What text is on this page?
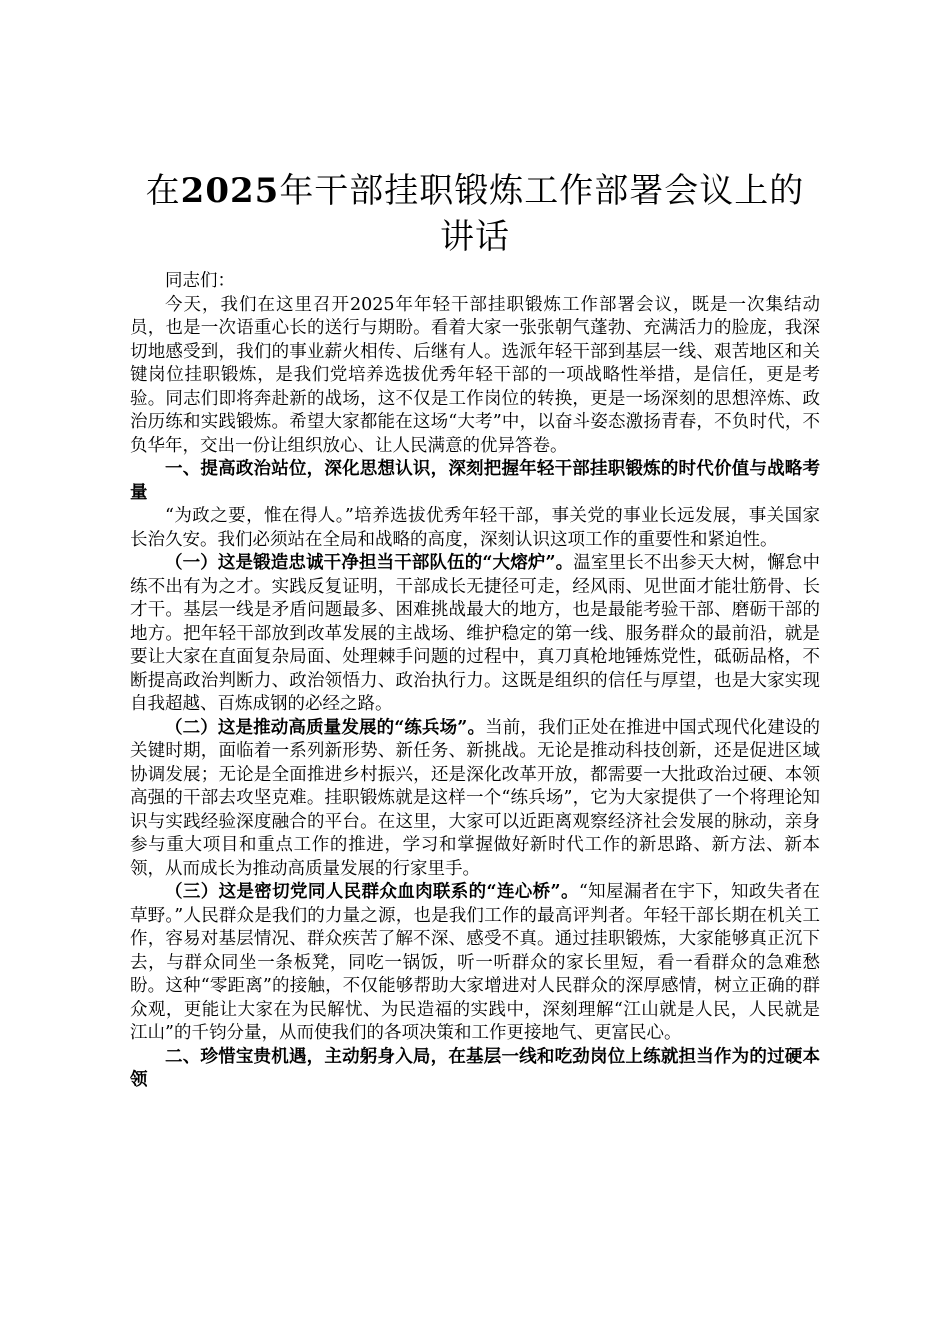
在2025年干部挂职锻炼工作部署会议上的讲话

同志们：

今天，我们在这里召开2025年年轻干部挂职锻炼工作部署会议，既是一次集结动员，也是一次语重心长的送行与期盼。看着大家一张张朝气蓬勃、充满活力的脸庞，我深切地感受到，我们的事业薪火相传、后继有人。选派年轻干部到基层一线、艰苦地区和关键岗位挂职锻炼，是我们党培养选拔优秀年轻干部的一项战略性举措，是信任，更是考验。同志们即将奔赴新的战场，这不仅是工作岗位的转换，更是一场深刻的思想淬炼、政治历练和实践锻炼。希望大家都能在这场“大考”中，以奋斗姿态激扬青春，不负时代，不负华年，交出一份让组织放心、让人民满意的优异答卷。

一、提高政治站位，深化思想认识，深刻把握年轻干部挂职锻炼的时代价值与战略考量

“为政之要，惟在得人。”培养选拔优秀年轻干部，事关党的事业长远发展，事关国家长治久安。我们必须站在全局和战略的高度，深刻认识这项工作的重要性和紧迫性。

（一）这是锻造忠诚干净担当干部队伍的“大熔炉”。温室里长不出参天大树，懈怠中练不出有为之才。实践反复证明，干部成长无捷径可走，经风雨、见世面才能壮筋骨、长才干。基层一线是矛盾问题最多、困难挑战最大的地方，也是最能考验干部、磨砺干部的地方。把年轻干部放到改革发展的主战场、维护稳定的第一线、服务群众的最前沿，就是要让大家在直面复杂局面、处理棘手问题的过程中，真刀真枪地锤炼党性，砥砺品格，不断提高政治判断力、政治领悟力、政治执行力。这既是组织的信任与厚望，也是大家实现自我超越、百炼成钢的必经之路。

（二）这是推动高质量发展的“练兵场”。当前，我们正处在推进中国式现代化建设的关键时期，面临着一系列新形势、新任务、新挑战。无论是推动科技创新，还是促进区域协调发展；无论是全面推进乡村振兴，还是深化改革开放，都需要一大批政治过硬、本领高强的干部去攻坚克难。挂职锻炼就是这样一个“练兵场”，它为大家提供了一个将理论知识与实践经验深度融合的平台。在这里，大家可以近距离观察经济社会发展的脉动，亲身参与重大项目和重点工作的推进，学习和掌握做好新时代工作的新思路、新方法、新本领，从而成长为推动高质量发展的行家里手。

（三）这是密切党同人民群众血肉联系的“连心桥”。“知屋漏者在宇下，知政失者在草野。”人民群众是我们的力量之源，也是我们工作的最高评判者。年轻干部长期在机关工作，容易对基层情况、群众疾苦了解不深、感受不真。通过挂职锻炼，大家能够真正沉下去，与群众同坐一条板凳，同吃一锅饭，听一听群众的家长里短，看一看群众的急难愁盼。这种“零距离”的接触，不仅能够帮助大家增进对人民群众的深厚感情，树立正确的群众观，更能让大家在为民解忧、为民造福的实践中，深刻理解“江山就是人民，人民就是江山”的千钧分量，从而使我们的各项决策和工作更接地气、更富民心。

二、珍惜宝贵机遇，主动躬身入局，在基层一线和吃劲岗位上练就担当作为的过硬本领
